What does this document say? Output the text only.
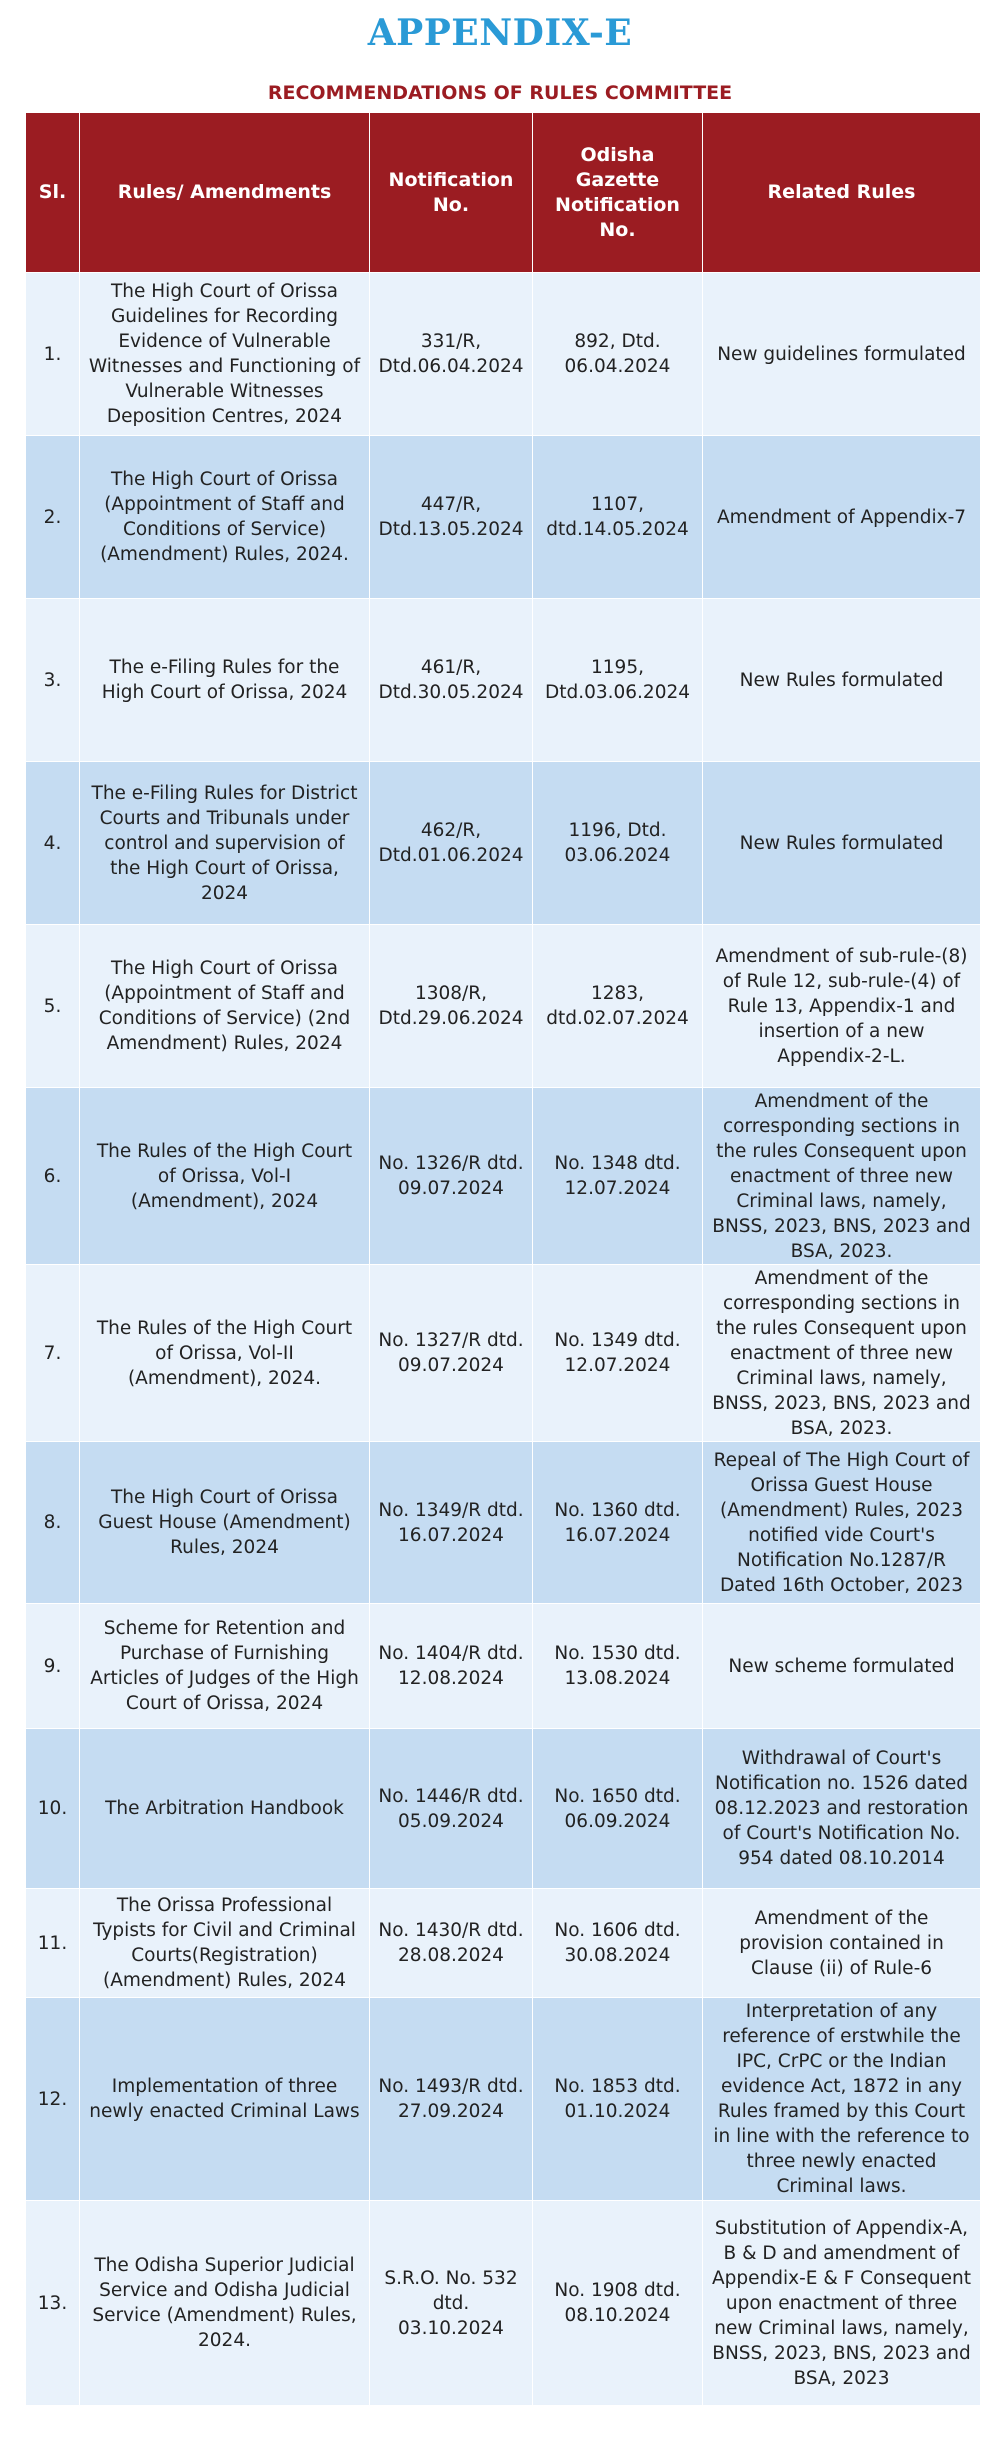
APPENDIX-E
RECOMMENDATIONS OF RULES COMMITTEE
Sl.	Rules/ Amendments	Notification No.	Odisha Gazette Notification No.	Related Rules
1.	The High Court of Orissa Guidelines for Recording Evidence of Vulnerable Witnesses and Functioning of Vulnerable Witnesses Deposition Centres, 2024	331/R, Dtd.06.04.2024	892, Dtd. 06.04.2024	New guidelines formulated
2.	The High Court of Orissa (Appointment of Staff and Conditions of Service) (Amendment) Rules, 2024.	447/R, Dtd.13.05.2024	1107, dtd.14.05.2024	Amendment of Appendix-7
3.	The e-Filing Rules for the High Court of Orissa, 2024	461/R, Dtd.30.05.2024	1195, Dtd.03.06.2024	New Rules formulated
4.	The e-Filing Rules for District Courts and Tribunals under control and supervision of the High Court of Orissa, 2024	462/R, Dtd.01.06.2024	1196, Dtd. 03.06.2024	New Rules formulated
5.	The High Court of Orissa (Appointment of Staff and Conditions of Service) (2nd Amendment) Rules, 2024	1308/R, Dtd.29.06.2024	1283, dtd.02.07.2024	Amendment of sub-rule-(8) of Rule 12, sub-rule-(4) of Rule 13, Appendix-1 and insertion of a new Appendix-2-L.
6.	The Rules of the High Court of Orissa, Vol-I (Amendment), 2024	No. 1326/R dtd. 09.07.2024	No. 1348 dtd. 12.07.2024	Amendment of the corresponding sections in the rules Consequent upon enactment of three new Criminal laws, namely, BNSS, 2023, BNS, 2023 and BSA, 2023.
7.	The Rules of the High Court of Orissa, Vol-II (Amendment), 2024.	No. 1327/R dtd. 09.07.2024	No. 1349 dtd. 12.07.2024	Amendment of the corresponding sections in the rules Consequent upon enactment of three new Criminal laws, namely, BNSS, 2023, BNS, 2023 and BSA, 2023.
8.	The High Court of Orissa Guest House (Amendment) Rules, 2024	No. 1349/R dtd. 16.07.2024	No. 1360 dtd. 16.07.2024	Repeal of The High Court of Orissa Guest House (Amendment) Rules, 2023 notified vide Court's Notification No.1287/R Dated 16th October, 2023
9.	Scheme for Retention and Purchase of Furnishing Articles of Judges of the High Court of Orissa, 2024	No. 1404/R dtd. 12.08.2024	No. 1530 dtd. 13.08.2024	New scheme formulated
10.	The Arbitration Handbook	No. 1446/R dtd. 05.09.2024	No. 1650 dtd. 06.09.2024	Withdrawal of Court's Notification no. 1526 dated 08.12.2023 and restoration of Court's Notification No. 954 dated 08.10.2014
11.	The Orissa Professional Typists for Civil and Criminal Courts(Registration) (Amendment) Rules, 2024	No. 1430/R dtd. 28.08.2024	No. 1606 dtd. 30.08.2024	Amendment of the provision contained in Clause (ii) of Rule-6
12.	Implementation of three newly enacted Criminal Laws	No. 1493/R dtd. 27.09.2024	No. 1853 dtd. 01.10.2024	Interpretation of any reference of erstwhile the IPC, CrPC or the Indian evidence Act, 1872 in any Rules framed by this Court in line with the reference to three newly enacted Criminal laws.
13.	The Odisha Superior Judicial Service and Odisha Judicial Service (Amendment) Rules, 2024.	S.R.O. No. 532 dtd. 03.10.2024	No. 1908 dtd. 08.10.2024	Substitution of Appendix-A, B & D and amendment of Appendix-E & F Consequent upon enactment of three new Criminal laws, namely, BNSS, 2023, BNS, 2023 and BSA, 2023
